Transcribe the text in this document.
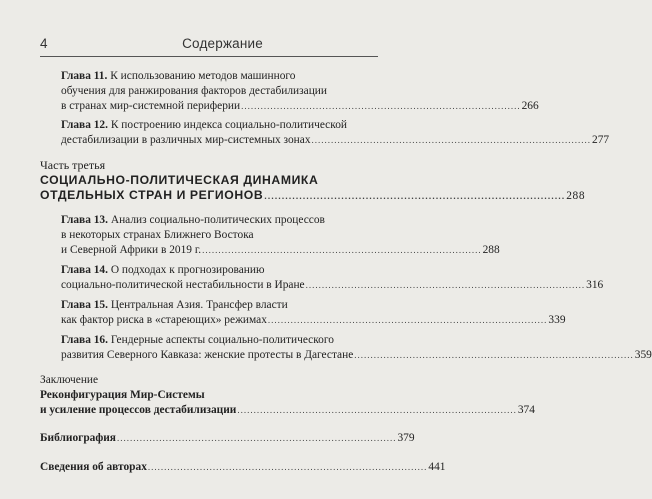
4	Содержание
Глава 11. К использованию методов машинного
обучения для ранжирования факторов дестабилизации
в странах мир-системной периферии ...................................................................................... 266
Глава 12. К построению индекса социально-политической
дестабилизации в различных мир-системных зонах ...................................................................................... 277
Часть третья
СОЦИАЛЬНО-ПОЛИТИЧЕСКАЯ ДИНАМИКА
ОТДЕЛЬНЫХ СТРАН И РЕГИОНОВ ...................................................................................... 288
Глава 13. Анализ социально-политических процессов
в некоторых странах Ближнего Востока
и Северной Африки в 2019 г. ...................................................................................... 288
Глава 14. О подходах к прогнозированию
социально-политической нестабильности в Иране ...................................................................................... 316
Глава 15. Центральная Азия. Трансфер власти
как фактор риска в «стареющих» режимах ...................................................................................... 339
Глава 16. Гендерные аспекты социально-политического
развития Северного Кавказа: женские протесты в Дагестане ...................................................................................... 359
Заключение
Реконфигурация Мир-Системы
и усиление процессов дестабилизации ...................................................................................... 374
Библиография ...................................................................................... 379
Сведения об авторах ...................................................................................... 441
